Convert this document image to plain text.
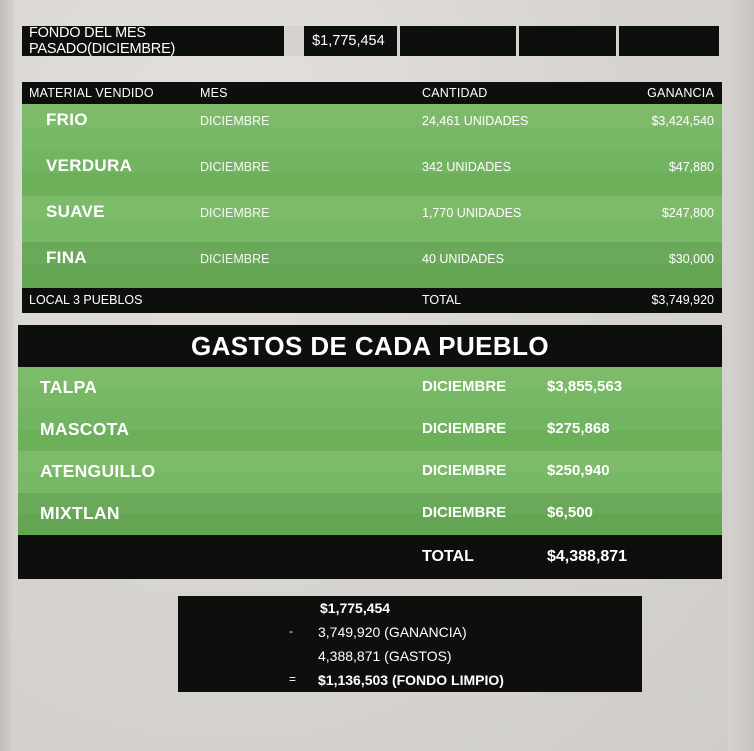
FONDO DEL MES PASADO(DICIEMBRE)	$1,775,454
MATERIAL VENDIDO	MES	CANTIDAD	GANANCIA
FRIO	DICIEMBRE	24,461 UNIDADES	$3,424,540
VERDURA	DICIEMBRE	342 UNIDADES	$47,880
SUAVE	DICIEMBRE	1,770 UNIDADES	$247,800
FINA	DICIEMBRE	40 UNIDADES	$30,000
LOCAL 3 PUEBLOS	TOTAL	$3,749,920
GASTOS DE CADA PUEBLO
TALPA	DICIEMBRE	$3,855,563
MASCOTA	DICIEMBRE	$275,868
ATENGUILLO	DICIEMBRE	$250,940
MIXTLAN	DICIEMBRE	$6,500
TOTAL	$4,388,871
$1,775,454
- 3,749,920 (GANANCIA)
4,388,871 (GASTOS)
= $1,136,503 (FONDO LIMPIO)
